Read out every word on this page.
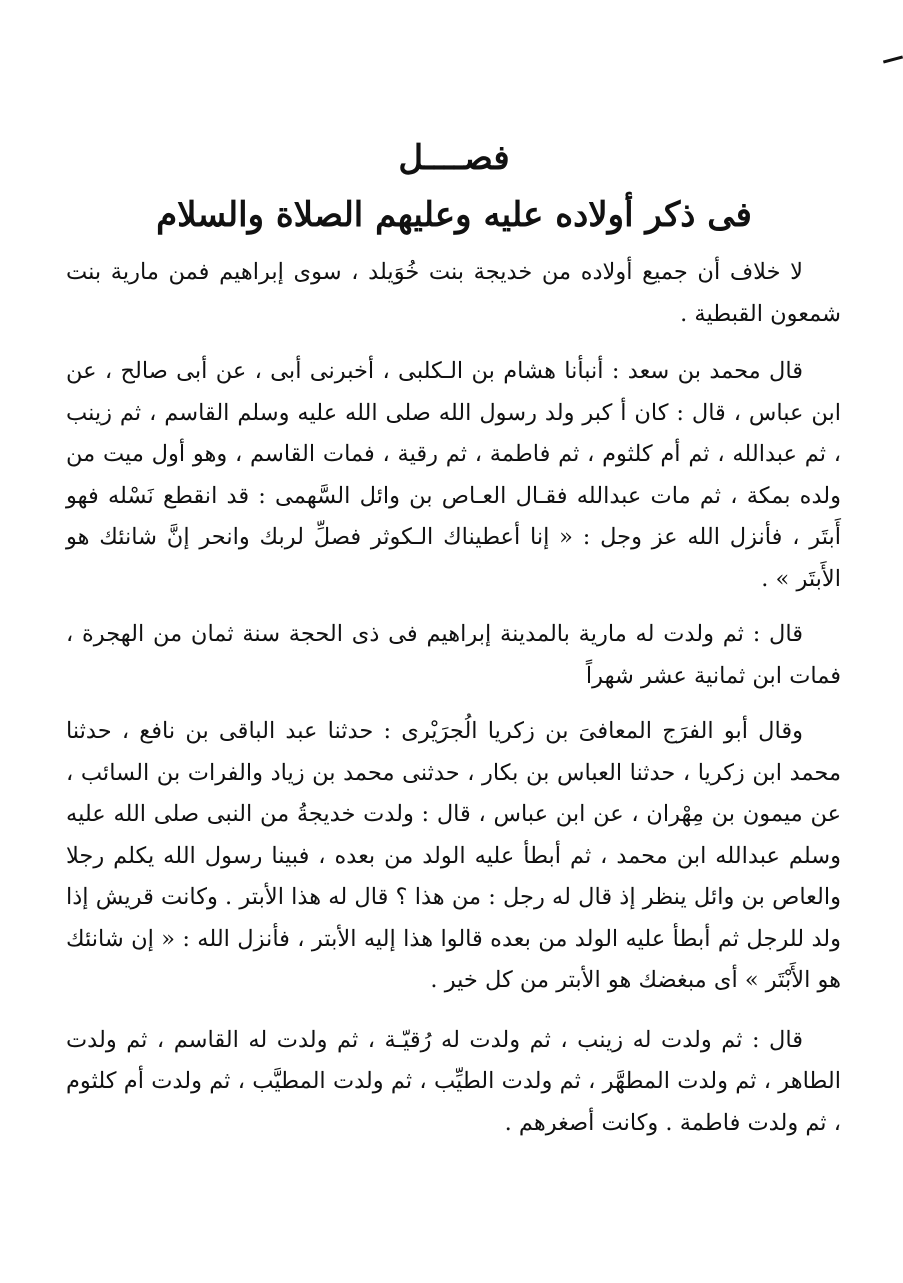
فصــــل
فى ذكر أولاده عليه وعليهم الصلاة والسلام

لا خلاف أن جميع أولاده من خديجة بنت خُوَيلد ، سوى إبراهيم فمن مارية بنت شمعون القبطية .

قال محمد بن سعد : أنبأنا هشام بن الـكلبى ، أخبرنى أبى ، عن أبى صالح ، عن ابن عباس ، قال : كان أ كبر ولد رسول الله صلى الله عليه وسلم القاسم ، ثم زينب ، ثم عبدالله ، ثم أم كلثوم ، ثم فاطمة ، ثم رقية ، فمات القاسم ، وهو أول ميت من ولده بمكة ، ثم مات عبدالله فقـال العـاص بن وائل السَّهمى : قد انقطع نَسْله فهو أَبتَر ، فأنزل الله عز وجل : « إنا أعطيناك الـكوثر فصلِّ لربك وانحر إنَّ شانئك هو الأَبتَر » .

قال : ثم ولدت له مارية بالمدينة إبراهيم فى ذى الحجة سنة ثمان من الهجرة ، فمات ابن ثمانية عشر شهراً

وقال أبو الفرَج المعافىَ بن زكريا الُجرَيْرى : حدثنا عبد الباقى بن نافع ، حدثنا محمد ابن زكريا ، حدثنا العباس بن بكار ، حدثنى محمد بن زياد والفرات بن السائب ، عن ميمون بن مِهْران ، عن ابن عباس ، قال : ولدت خديجةُ من النبى صلى الله عليه وسلم عبدالله ابن محمد ، ثم أبطأ عليه الولد من بعده ، فبينا رسول الله يكلم رجلا والعاص بن وائل ينظر إذ قال له رجل : من هذا ؟ قال له هذا الأبتر . وكانت قريش إذا ولد للرجل ثم أبطأ عليه الولد من بعده قالوا هذا إليه الأبتر ، فأنزل الله : « إن شانئك هو الأَبْتَر » أى مبغضك هو الأبتر من كل خير .

قال : ثم ولدت له زينب ، ثم ولدت له رُقيّـة ، ثم ولدت له القاسم ، ثم ولدت الطاهر ، ثم ولدت المطهَّر ، ثم ولدت الطيِّب ، ثم ولدت المطيَّب ، ثم ولدت أم كلثوم ، ثم ولدت فاطمة . وكانت أصغرهم .
